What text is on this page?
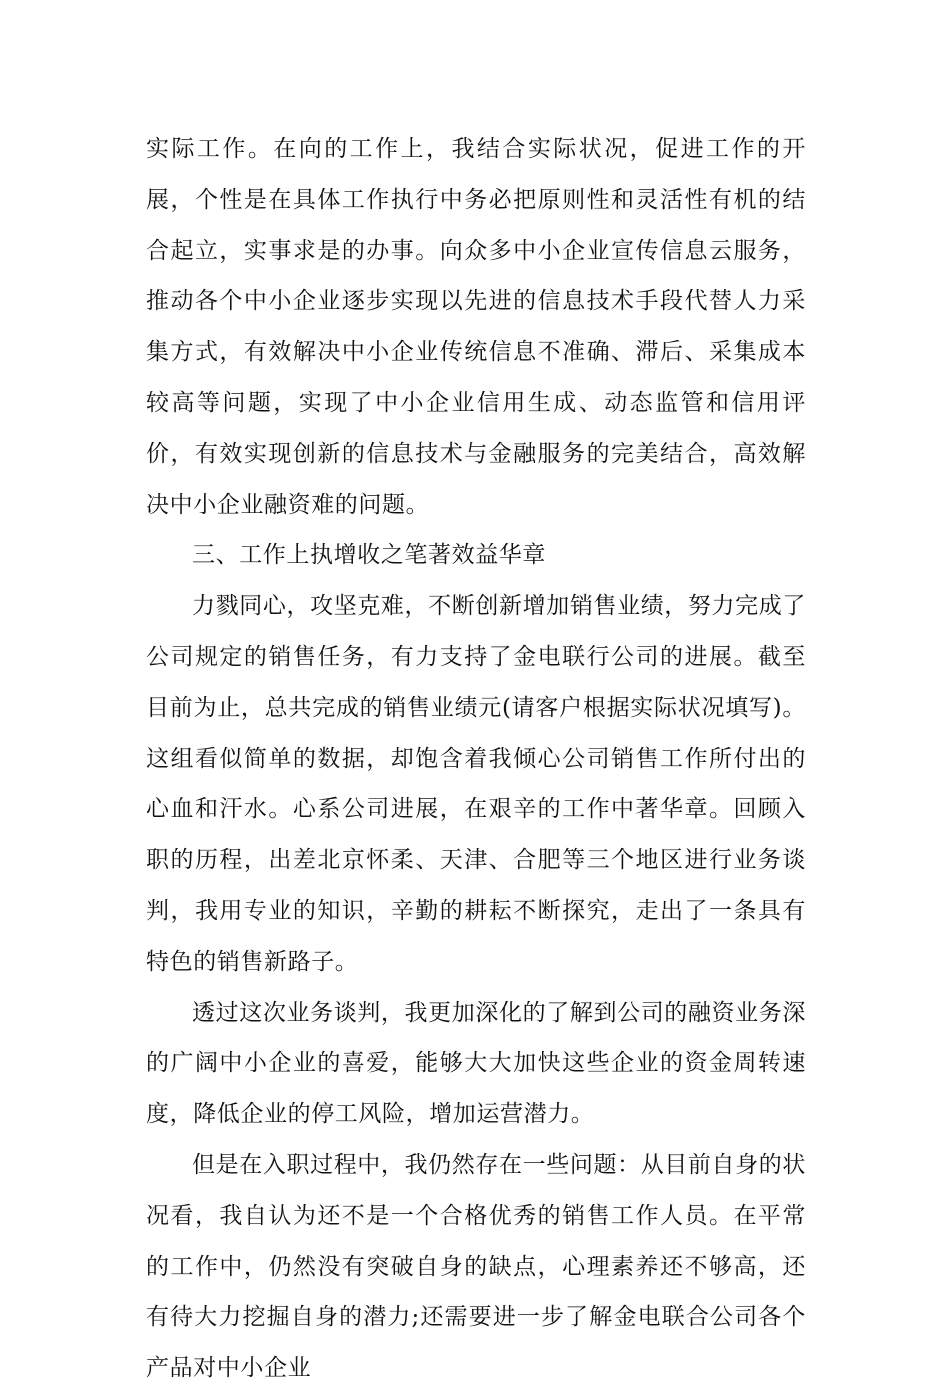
实际工作。在向的工作上，我结合实际状况，促进工作的开展，个性是在具体工作执行中务必把原则性和灵活性有机的结合起立，实事求是的办事。向众多中小企业宣传信息云服务，推动各个中小企业逐步实现以先进的信息技术手段代替人力采集方式，有效解决中小企业传统信息不准确、滞后、采集成本较高等问题，实现了中小企业信用生成、动态监管和信用评价，有效实现创新的信息技术与金融服务的完美结合，高效解决中小企业融资难的问题。

三、工作上执增收之笔著效益华章

力戮同心，攻坚克难，不断创新增加销售业绩，努力完成了公司规定的销售任务，有力支持了金电联行公司的进展。截至目前为止，总共完成的销售业绩元(请客户根据实际状况填写)。这组看似简单的数据，却饱含着我倾心公司销售工作所付出的心血和汗水。心系公司进展，在艰辛的工作中著华章。回顾入职的历程，出差北京怀柔、天津、合肥等三个地区进行业务谈判，我用专业的知识，辛勤的耕耘不断探究，走出了一条具有特色的销售新路子。

透过这次业务谈判，我更加深化的了解到公司的融资业务深的广阔中小企业的喜爱，能够大大加快这些企业的资金周转速度，降低企业的停工风险，增加运营潜力。

但是在入职过程中，我仍然存在一些问题：从目前自身的状况看，我自认为还不是一个合格优秀的销售工作人员。在平常的工作中，仍然没有突破自身的缺点，心理素养还不够高，还有待大力挖掘自身的潜力;还需要进一步了解金电联合公司各个产品对中小企业
